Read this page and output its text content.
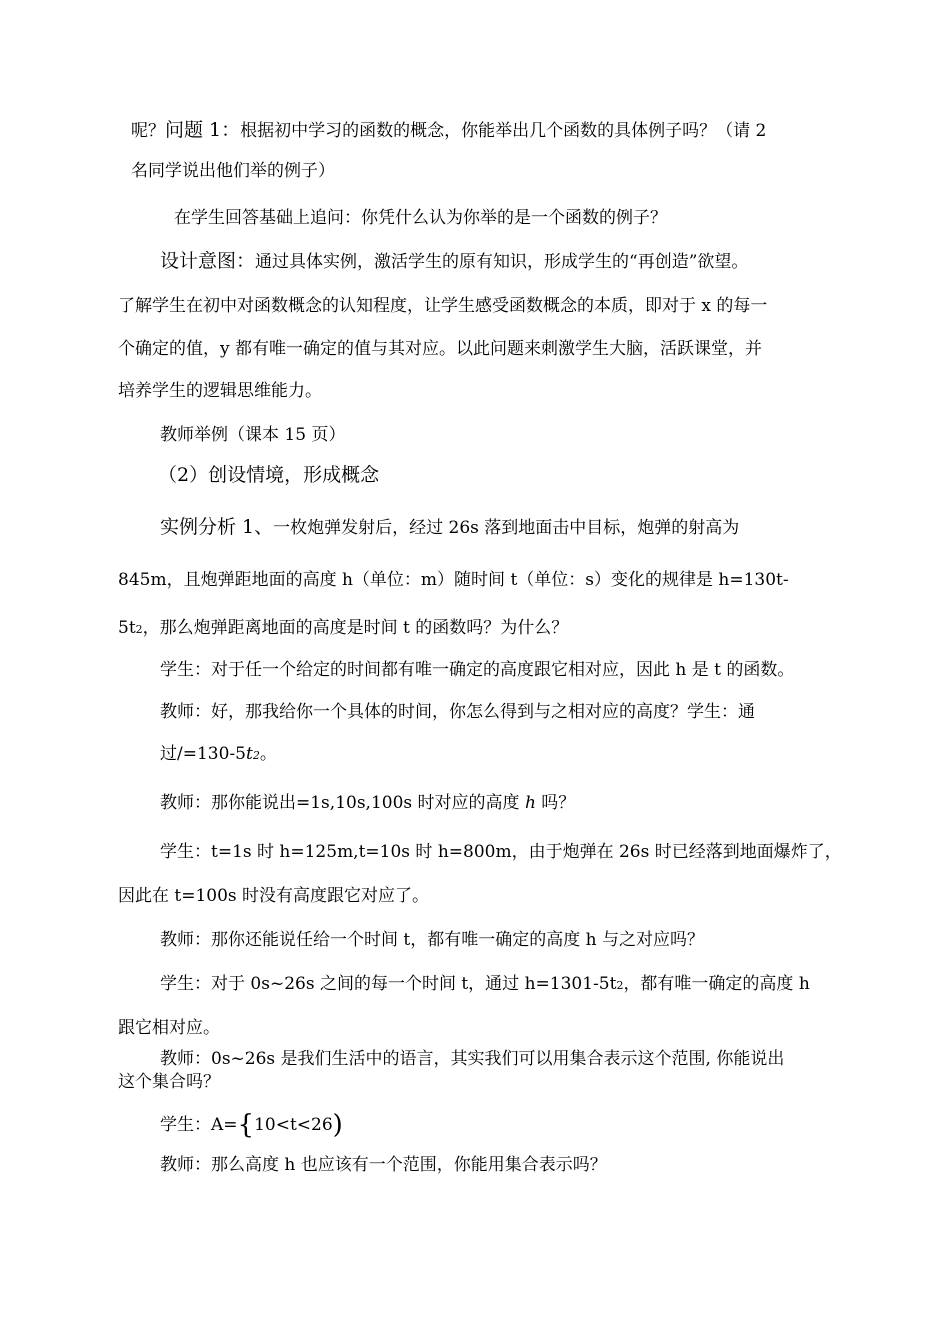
呢？问题 1：根据初中学习的函数的概念，你能举出几个函数的具体例子吗？（请 2
名同学说出他们举的例子）
在学生回答基础上追问：你凭什么认为你举的是一个函数的例子？
设计意图：通过具体实例，激活学生的原有知识，形成学生的“再创造”欲望。
了解学生在初中对函数概念的认知程度，让学生感受函数概念的本质，即对于 x 的每一
个确定的值，y 都有唯一确定的值与其对应。以此问题来刺激学生大脑，活跃课堂，并
培养学生的逻辑思维能力。
教师举例（课本 15 页）
（2）创设情境，形成概念
实例分析 1、一枚炮弹发射后，经过 26s 落到地面击中目标，炮弹的射高为
845m，且炮弹距地面的高度 h（单位：m）随时间 t（单位：s）变化的规律是 h=130t-
5t2，那么炮弹距离地面的高度是时间 t 的函数吗？为什么？
学生：对于任一个给定的时间都有唯一确定的高度跟它相对应，因此 h 是 t 的函数。
教师：好，那我给你一个具体的时间，你怎么得到与之相对应的高度？学生：通
过/=130-5t2。
教师：那你能说出=1s,10s,100s 时对应的高度 h 吗？
学生：t=1s 时 h=125m,t=10s 时 h=800m，由于炮弹在 26s 时已经落到地面爆炸了，
因此在 t=100s 时没有高度跟它对应了。
教师：那你还能说任给一个时间 t，都有唯一确定的高度 h 与之对应吗？
学生：对于 0s~26s 之间的每一个时间 t，通过 h=1301-5t2，都有唯一确定的高度 h
跟它相对应。
教师：0s~26s 是我们生活中的语言，其实我们可以用集合表示这个范围, 你能说出
这个集合吗？
学生：A={10<t<26)
教师：那么高度 h 也应该有一个范围，你能用集合表示吗？
